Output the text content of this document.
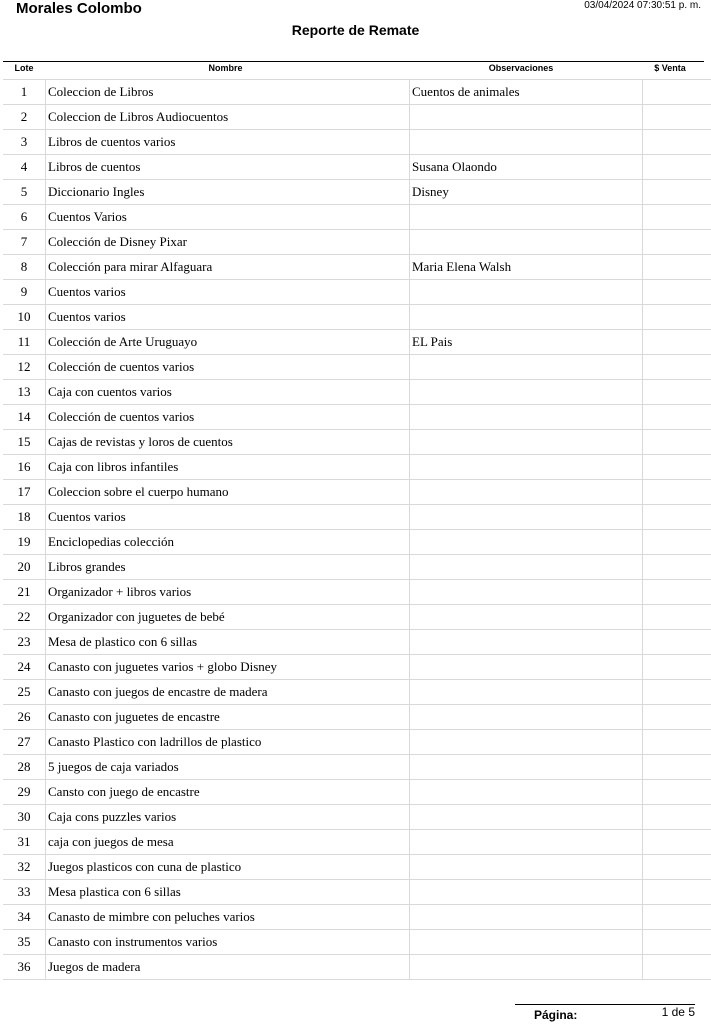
Morales Colombo	03/04/2024 07:30:51 p. m.
Reporte de Remate
Lote	Nombre	Observaciones	$ Venta
1	Coleccion de Libros	Cuentos de animales	
2	Coleccion de Libros Audiocuentos		
3	Libros de cuentos varios		
4	Libros de cuentos	Susana Olaondo	
5	Diccionario Ingles	Disney	
6	Cuentos Varios		
7	Colección de Disney Pixar		
8	Colección para mirar Alfaguara	Maria Elena Walsh	
9	Cuentos varios		
10	Cuentos varios		
11	Colección de Arte Uruguayo	EL Pais	
12	Colección de cuentos varios		
13	Caja con cuentos varios		
14	Colección de cuentos varios		
15	Cajas de revistas y loros de cuentos		
16	Caja con libros infantiles		
17	Coleccion sobre el cuerpo humano		
18	Cuentos varios		
19	Enciclopedias colección		
20	Libros grandes		
21	Organizador + libros varios		
22	Organizador con juguetes de bebé		
23	Mesa de plastico con 6 sillas		
24	Canasto con juguetes varios + globo Disney		
25	Canasto con juegos de encastre de madera		
26	Canasto con juguetes de encastre		
27	Canasto Plastico con ladrillos de plastico		
28	5 juegos de caja variados		
29	Cansto con juego de encastre		
30	Caja cons puzzles varios		
31	caja con juegos de mesa		
32	Juegos plasticos con cuna de plastico		
33	Mesa plastica con 6 sillas		
34	Canasto de mimbre con peluches varios		
35	Canasto con instrumentos varios		
36	Juegos de madera		
Página:	1 de 5
